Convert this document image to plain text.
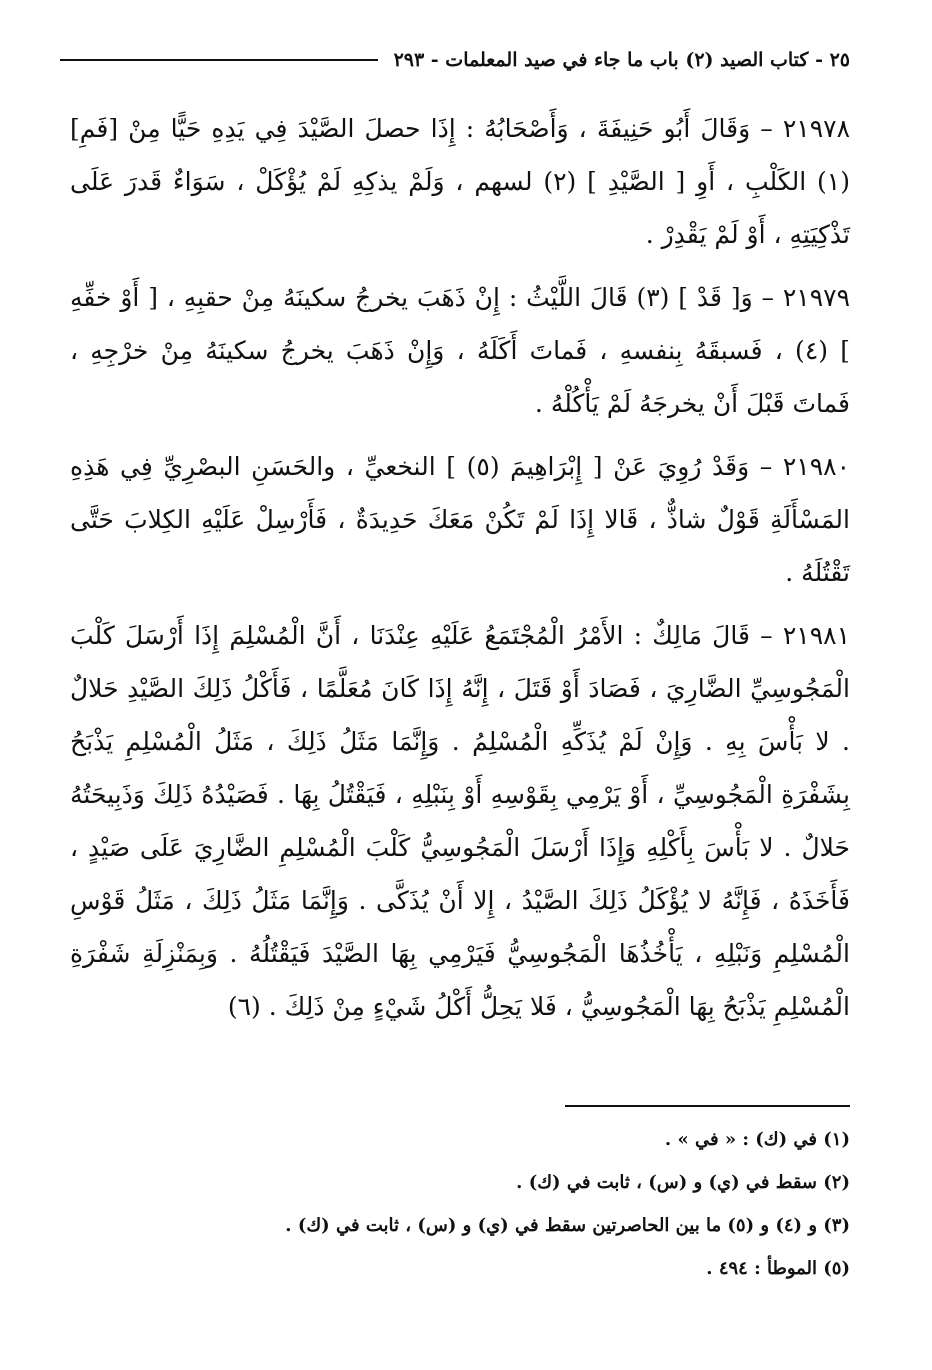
٢٥ - كتاب الصيد (٢) باب ما جاء في صيد المعلمات - ٢٩٣

٢١٩٧٨ – وَقَالَ أَبُو حَنِيفَةَ ، وَأَصْحَابُهُ : إِذَا حصلَ الصَّيْدَ فِي يَدِهِ حَيًّا مِنْ [فَمِ](١) الكَلْبِ ، أَوِ [ الصَّيْدِ ] (٢) لسهم ، وَلَمْ يذكِهِ لَمْ يُؤْكَلْ ، سَوَاءٌ قَدرَ عَلَى تَذْكِيَتِهِ ، أَوْ لَمْ يَقْدِرْ .

٢١٩٧٩ – وَ[ قَدْ ] (٣) قَالَ اللَّيْثُ : إِنْ ذَهَبَ يخرجُ سكينَهُ مِنْ حقبِهِ ، [ أَوْ خفِّهِ ] (٤) ، فَسبقَهُ بِنفسهِ ، فَماتَ أَكَلَهُ ، وَإِنْ ذَهَبَ يخرجُ سكينَهُ مِنْ خرْجِهِ ، فَماتَ قَبْلَ أَنْ يخرجَهُ لَمْ يَأْكُلْهُ .

٢١٩٨٠ – وَقَدْ رُوِيَ عَنْ [ إِبْرَاهِيمَ (٥) ] النخعيِّ ، والحَسَنِ البصْرِيِّ فِي هَذِهِ المَسْأَلَةِ قَوْلٌ شاذٌّ ، قَالا إِذَا لَمْ تَكُنْ مَعَكَ حَدِيدَةٌ ، فَأَرْسِلْ عَلَيْهِ الكِلابَ حَتَّى تَقْتُلَهُ .

٢١٩٨١ – قَالَ مَالِكٌ : الأَمْرُ الْمُجْتَمَعُ عَلَيْهِ عِنْدَنَا ، أَنَّ الْمُسْلِمَ إِذَا أَرْسَلَ كَلْبَ الْمَجُوسِيِّ الضَّارِيَ ، فَصَادَ أَوْ قَتَلَ ، إِنَّهُ إِذَا كَانَ مُعَلَّمًا ، فَأَكْلُ ذَلِكَ الصَّيْدِ حَلالٌ . لا بَأْسَ بِهِ . وَإِنْ لَمْ يُذَكِّهِ الْمُسْلِمُ . وَإِنَّمَا مَثَلُ ذَلِكَ ، مَثَلُ الْمُسْلِمِ يَذْبَحُ بِشَفْرَةِ الْمَجُوسِيِّ ، أَوْ يَرْمِي بِقَوْسِهِ أَوْ بِنَبْلِهِ ، فَيَقْتُلُ بِهَا . فَصَيْدُهُ ذَلِكَ وَذَبِيحَتُهُ حَلالٌ . لا بَأْسَ بِأَكْلِهِ وَإِذَا أَرْسَلَ الْمَجُوسِيُّ كَلْبَ الْمُسْلِمِ الضَّارِيَ عَلَى صَيْدٍ ، فَأَخَذَهُ ، فَإِنَّهُ لا يُؤْكَلُ ذَلِكَ الصَّيْدُ ، إِلا أَنْ يُذَكَّى . وَإِنَّمَا مَثَلُ ذَلِكَ ، مَثَلُ قَوْسِ الْمُسْلِمِ وَنَبْلِهِ ، يَأْخُذُهَا الْمَجُوسِيُّ فَيَرْمِي بِهَا الصَّيْدَ فَيَقْتُلُهُ . وَبِمَنْزِلَةِ شَفْرَةِ الْمُسْلِمِ يَذْبَحُ بِهَا الْمَجُوسِيُّ ، فَلا يَحِلُّ أَكْلُ شَيْءٍ مِنْ ذَلِكَ . (٦)

(١) في (ك) : « في » .

(٢) سقط في (ي) و (س) ، ثابت في (ك) .

(٣) و (٤) و (٥) ما بين الحاصرتين سقط في (ي) و (س) ، ثابت في (ك) .

(٥) الموطأ : ٤٩٤ .
